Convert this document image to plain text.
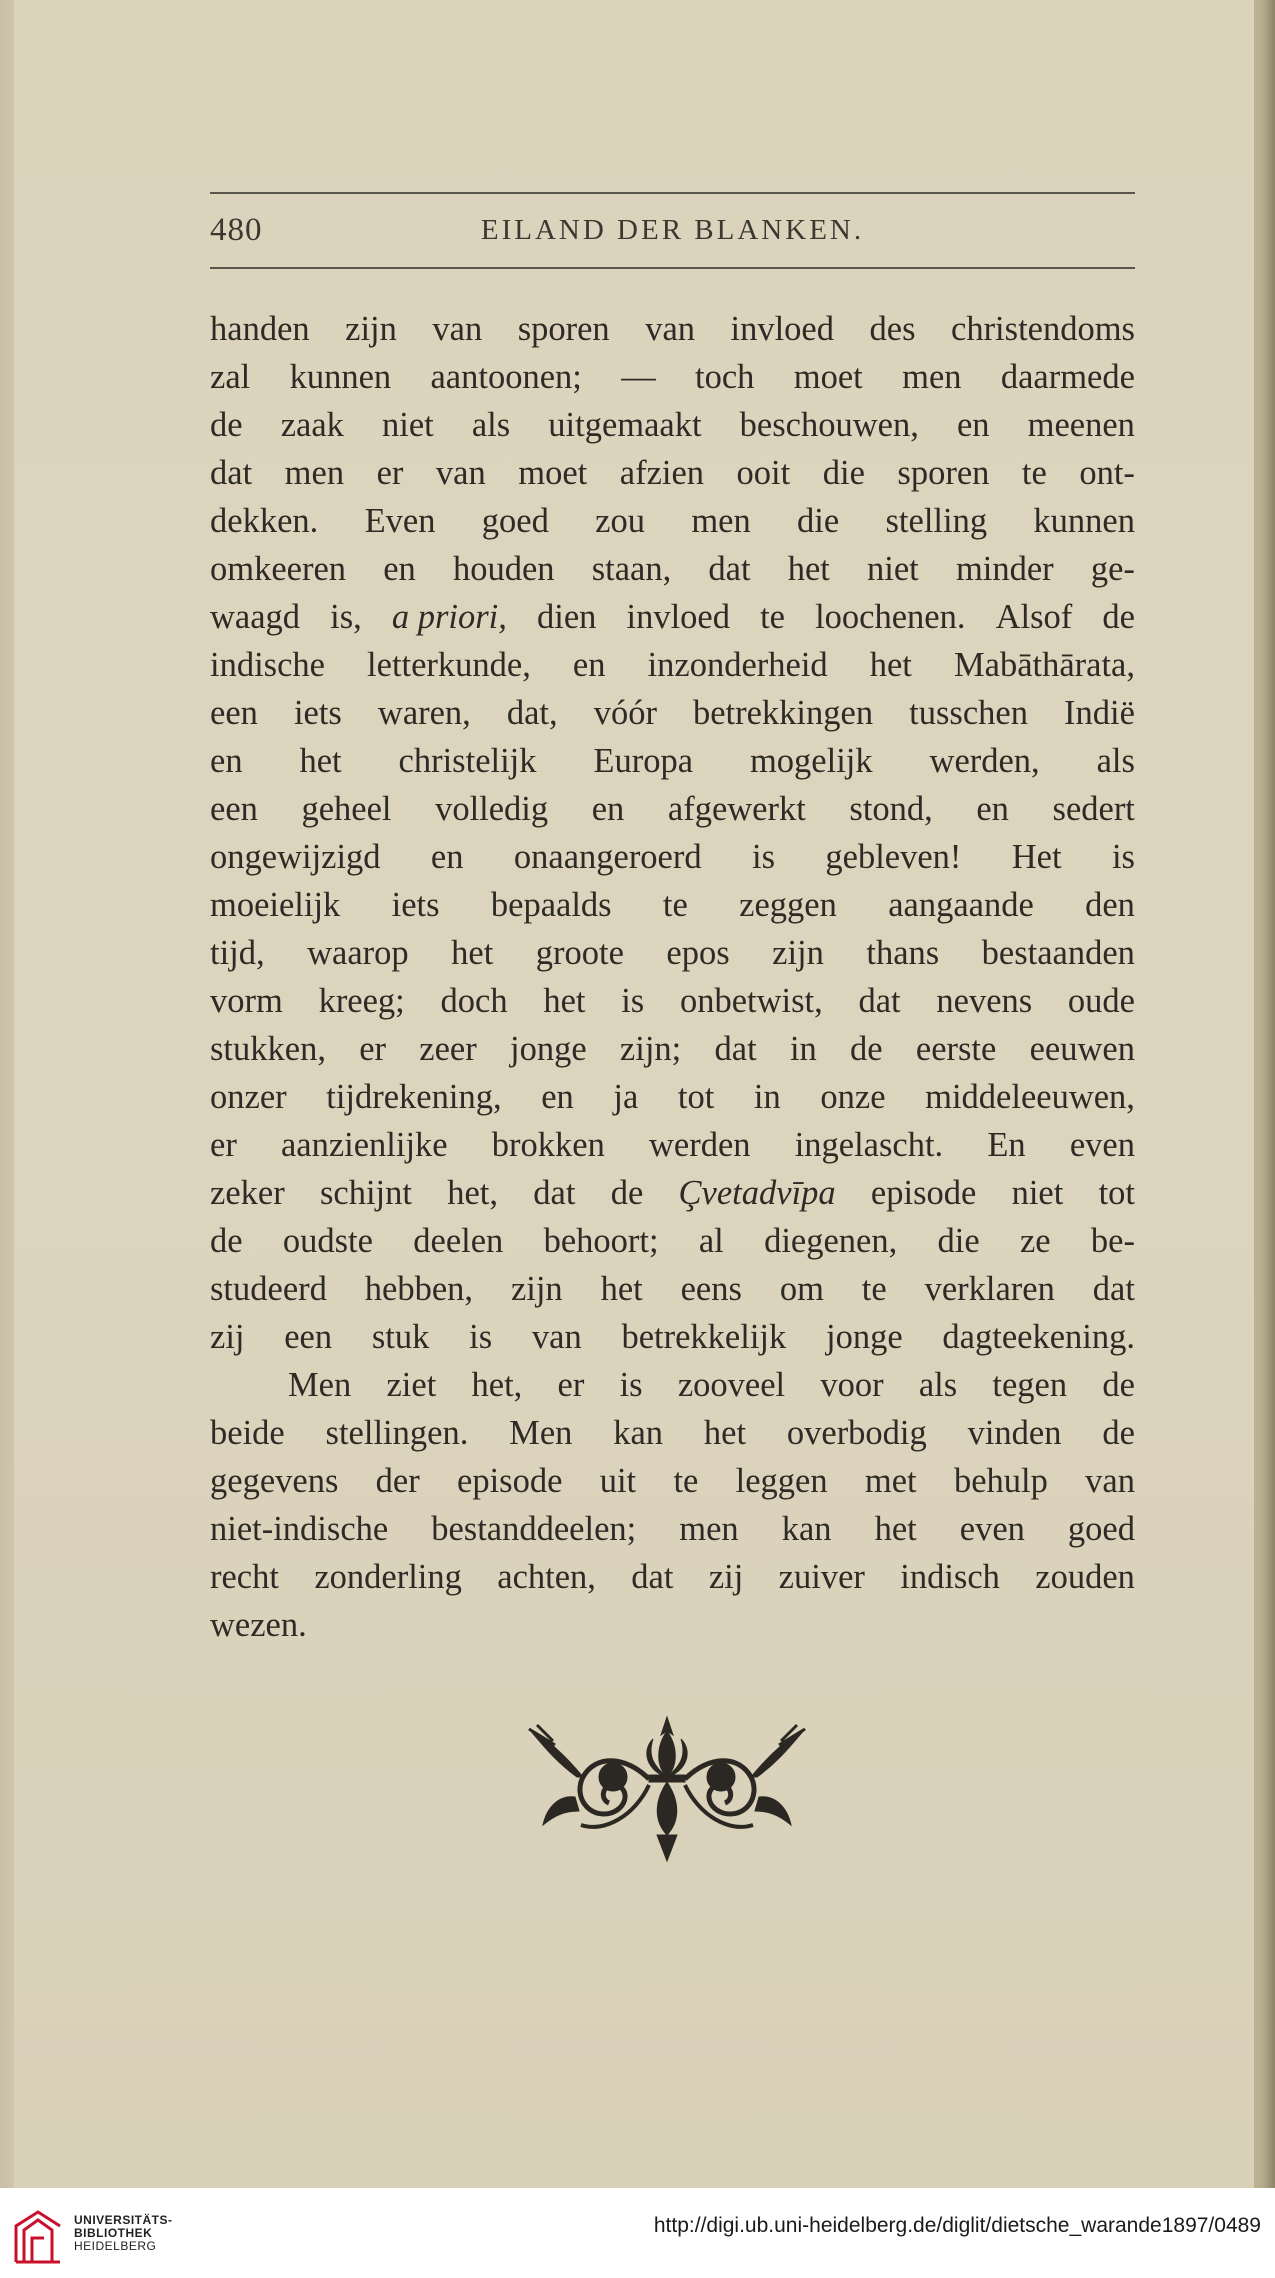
480	EILAND DER BLANKEN.
handen zijn van sporen van invloed des christendoms
zal kunnen aantoonen; — toch moet men daarmede
de zaak niet als uitgemaakt beschouwen, en meenen
dat men er van moet afzien ooit die sporen te ont-
dekken. Even goed zou men die stelling kunnen
omkeeren en houden staan, dat het niet minder ge-
waagd is, a priori, dien invloed te loochenen. Alsof de
indische letterkunde, en inzonderheid het Mabāthārata,
een iets waren, dat, vóór betrekkingen tusschen Indië
en het christelijk Europa mogelijk werden, als
een geheel volledig en afgewerkt stond, en sedert
ongewijzigd en onaangeroerd is gebleven! Het is
moeielijk iets bepaalds te zeggen aangaande den
tijd, waarop het groote epos zijn thans bestaanden
vorm kreeg; doch het is onbetwist, dat nevens oude
stukken, er zeer jonge zijn; dat in de eerste eeuwen
onzer tijdrekening, en ja tot in onze middeleeuwen,
er aanzienlijke brokken werden ingelascht. En even
zeker schijnt het, dat de Çvetadvīpa episode niet tot
de oudste deelen behoort; al diegenen, die ze be-
studeerd hebben, zijn het eens om te verklaren dat
zij een stuk is van betrekkelijk jonge dagteekening.
Men ziet het, er is zooveel voor als tegen de
beide stellingen. Men kan het overbodig vinden de
gegevens der episode uit te leggen met behulp van
niet-indische bestanddeelen; men kan het even goed
recht zonderling achten, dat zij zuiver indisch zouden
wezen.
UNIVERSITÄTS-
BIBLIOTHEK
HEIDELBERG
http://digi.ub.uni-heidelberg.de/diglit/dietsche_warande1897/0489
